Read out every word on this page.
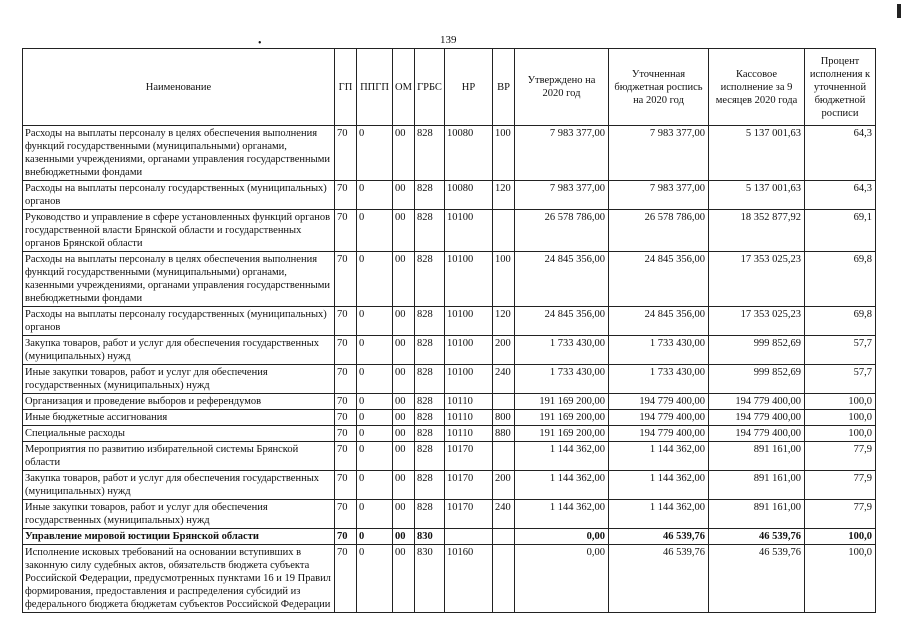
•	139
Наименование	ГП	ППГП	ОМ	ГРБС	НР	ВР	Утверждено на 2020 год	Уточненная бюджетная роспись на 2020 год	Кассовое исполнение за 9 месяцев 2020 года	Процент исполнения к уточненной бюджетной росписи
Расходы на выплаты персоналу в целях обеспечения выполнения функций государственными (муниципальными) органами, казенными учреждениями, органами управления государственными внебюджетными фондами	70	0	00	828	10080	100	7 983 377,00	7 983 377,00	5 137 001,63	64,3
Расходы на выплаты персоналу государственных (муниципальных) органов	70	0	00	828	10080	120	7 983 377,00	7 983 377,00	5 137 001,63	64,3
Руководство и управление в сфере установленных функций органов государственной власти Брянской области и государственных органов Брянской области	70	0	00	828	10100		26 578 786,00	26 578 786,00	18 352 877,92	69,1
Расходы на выплаты персоналу в целях обеспечения выполнения функций государственными (муниципальными) органами, казенными учреждениями, органами управления государственными внебюджетными фондами	70	0	00	828	10100	100	24 845 356,00	24 845 356,00	17 353 025,23	69,8
Расходы на выплаты персоналу государственных (муниципальных) органов	70	0	00	828	10100	120	24 845 356,00	24 845 356,00	17 353 025,23	69,8
Закупка товаров, работ и услуг для обеспечения государственных (муниципальных) нужд	70	0	00	828	10100	200	1 733 430,00	1 733 430,00	999 852,69	57,7
Иные закупки товаров, работ и услуг для обеспечения государственных (муниципальных) нужд	70	0	00	828	10100	240	1 733 430,00	1 733 430,00	999 852,69	57,7
Организация и проведение выборов и референдумов	70	0	00	828	10110		191 169 200,00	194 779 400,00	194 779 400,00	100,0
Иные бюджетные ассигнования	70	0	00	828	10110	800	191 169 200,00	194 779 400,00	194 779 400,00	100,0
Специальные расходы	70	0	00	828	10110	880	191 169 200,00	194 779 400,00	194 779 400,00	100,0
Мероприятия по развитию избирательной системы Брянской области	70	0	00	828	10170		1 144 362,00	1 144 362,00	891 161,00	77,9
Закупка товаров, работ и услуг для обеспечения государственных (муниципальных) нужд	70	0	00	828	10170	200	1 144 362,00	1 144 362,00	891 161,00	77,9
Иные закупки товаров, работ и услуг для обеспечения государственных (муниципальных) нужд	70	0	00	828	10170	240	1 144 362,00	1 144 362,00	891 161,00	77,9
Управление мировой юстиции Брянской области	70	0	00	830			0,00	46 539,76	46 539,76	100,0
Исполнение исковых требований на основании вступивших в законную силу судебных актов, обязательств бюджета субъекта Российской Федерации, предусмотренных пунктами 16 и 19 Правил формирования, предоставления и распределения субсидий из федерального бюджета бюджетам субъектов Российской Федерации	70	0	00	830	10160		0,00	46 539,76	46 539,76	100,0
